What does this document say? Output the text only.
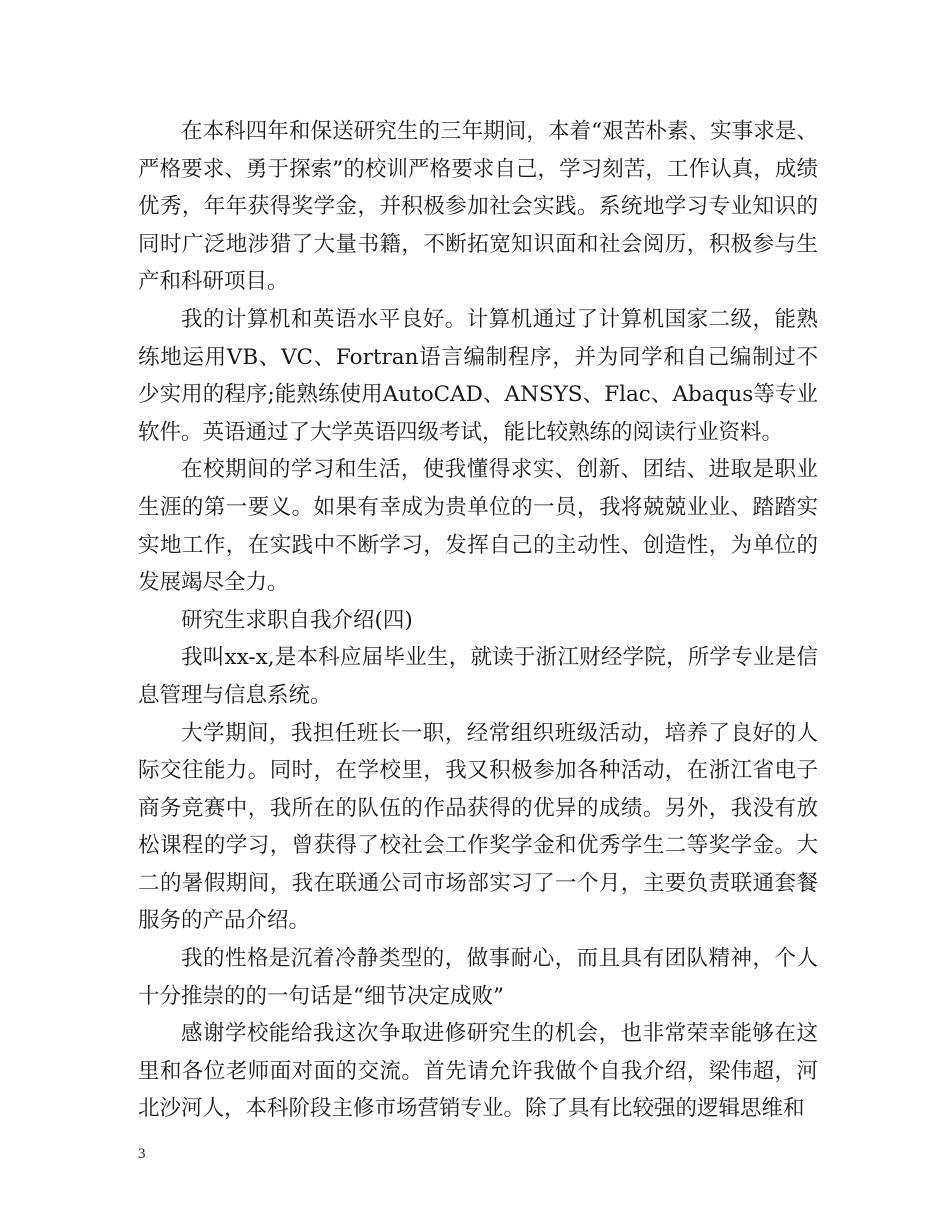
在本科四年和保送研究生的三年期间，本着“艰苦朴素、实事求是、严格要求、勇于探索”的校训严格要求自己，学习刻苦，工作认真，成绩优秀，年年获得奖学金，并积极参加社会实践。系统地学习专业知识的同时广泛地涉猎了大量书籍，不断拓宽知识面和社会阅历，积极参与生产和科研项目。

我的计算机和英语水平良好。计算机通过了计算机国家二级，能熟练地运用VB、VC、Fortran语言编制程序，并为同学和自己编制过不少实用的程序;能熟练使用AutoCAD、ANSYS、Flac、Abaqus等专业软件。英语通过了大学英语四级考试，能比较熟练的阅读行业资料。

在校期间的学习和生活，使我懂得求实、创新、团结、进取是职业生涯的第一要义。如果有幸成为贵单位的一员，我将兢兢业业、踏踏实实地工作，在实践中不断学习，发挥自己的主动性、创造性，为单位的发展竭尽全力。

研究生求职自我介绍(四)

我叫xx-x,是本科应届毕业生，就读于浙江财经学院，所学专业是信息管理与信息系统。

大学期间，我担任班长一职，经常组织班级活动，培养了良好的人际交往能力。同时，在学校里，我又积极参加各种活动，在浙江省电子商务竞赛中，我所在的队伍的作品获得的优异的成绩。另外，我没有放松课程的学习，曾获得了校社会工作奖学金和优秀学生二等奖学金。大二的暑假期间，我在联通公司市场部实习了一个月，主要负责联通套餐服务的产品介绍。

我的性格是沉着冷静类型的，做事耐心，而且具有团队精神，个人十分推崇的的一句话是“细节决定成败”

感谢学校能给我这次争取进修研究生的机会，也非常荣幸能够在这里和各位老师面对面的交流。首先请允许我做个自我介绍，梁伟超，河北沙河人，本科阶段主修市场营销专业。除了具有比较强的逻辑思维和

3
